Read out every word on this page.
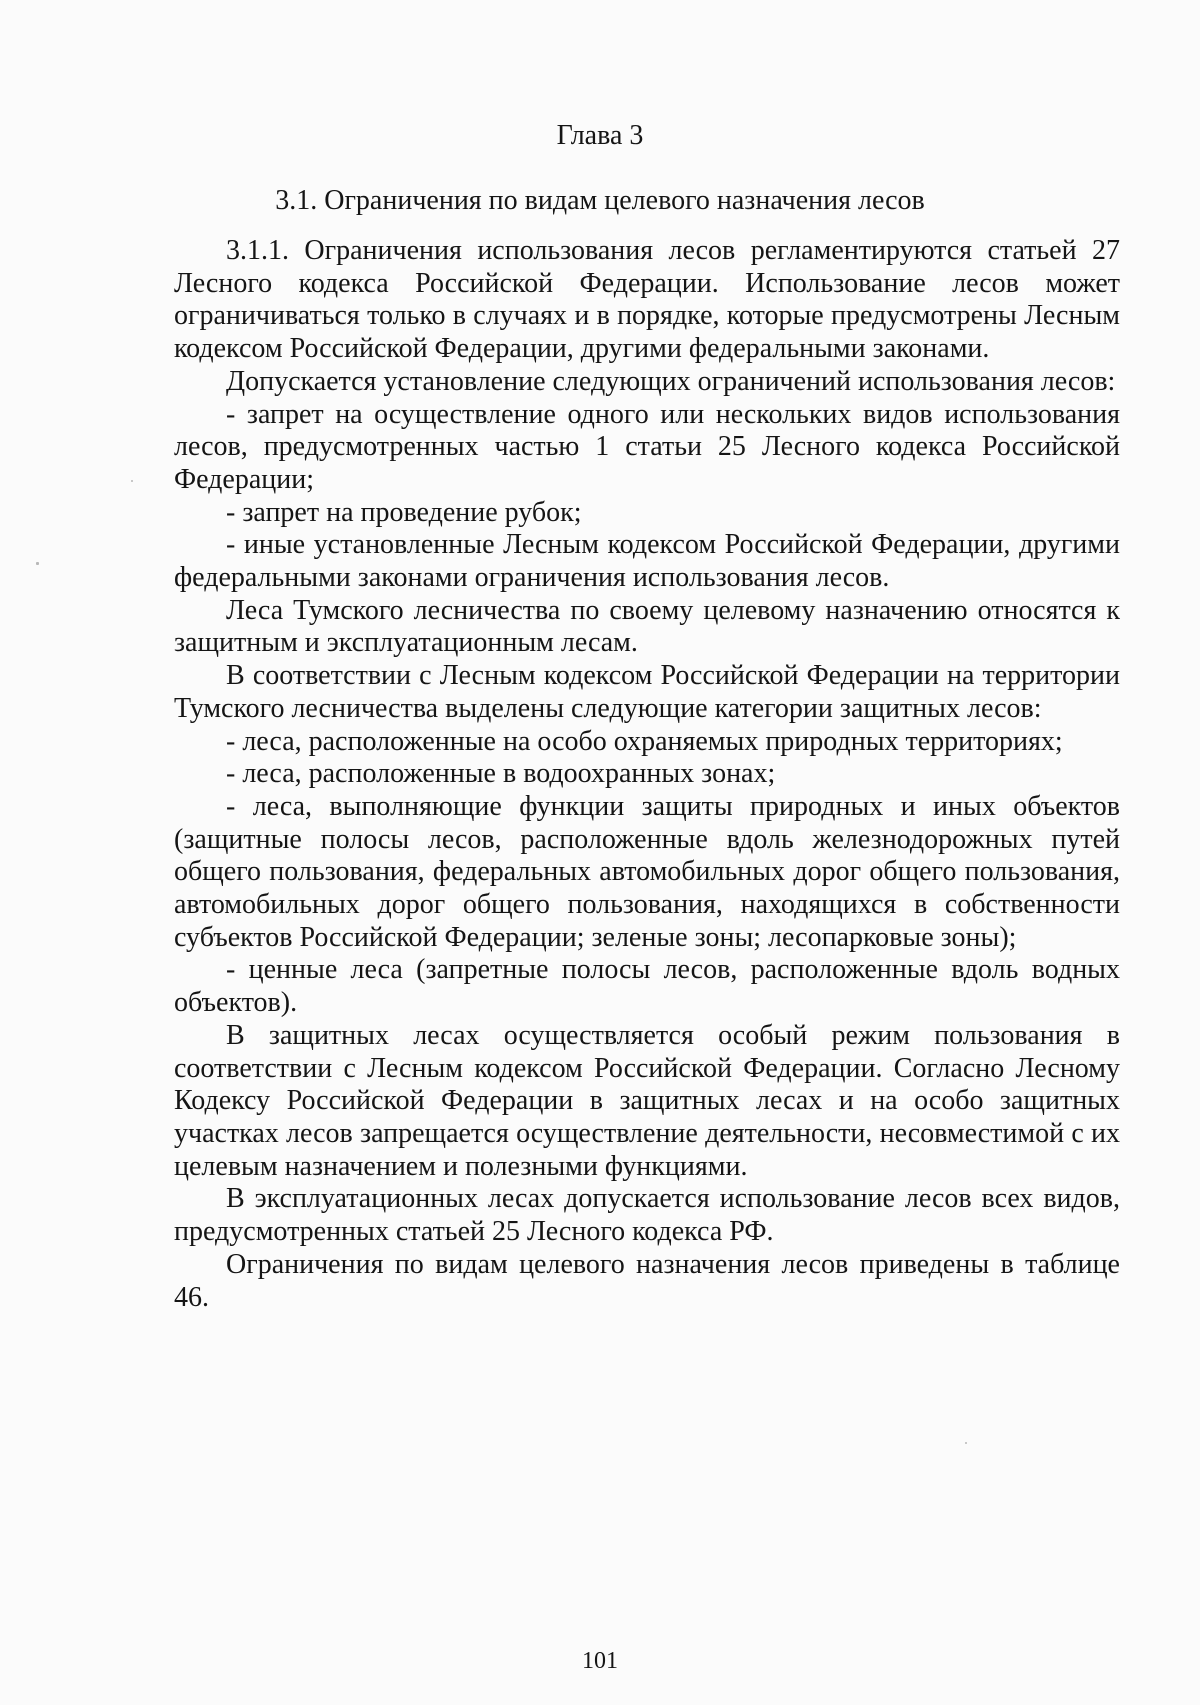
Глава 3
3.1. Ограничения по видам целевого назначения лесов

3.1.1. Ограничения использования лесов регламентируются статьей 27 Лесного кодекса Российской Федерации. Использование лесов может ограничиваться только в случаях и в порядке, которые предусмотрены Лесным кодексом Российской Федерации, другими федеральными законами.

Допускается установление следующих ограничений использования лесов:

- запрет на осуществление одного или нескольких видов использования лесов, предусмотренных частью 1 статьи 25 Лесного кодекса Российской Федерации;

- запрет на проведение рубок;

- иные установленные Лесным кодексом Российской Федерации, другими федеральными законами ограничения использования лесов.

Леса Тумского лесничества по своему целевому назначению относятся к защитным и эксплуатационным лесам.

В соответствии с Лесным кодексом Российской Федерации на территории Тумского лесничества выделены следующие категории защитных лесов:

- леса, расположенные на особо охраняемых природных территориях;

- леса, расположенные в водоохранных зонах;

- леса, выполняющие функции защиты природных и иных объектов (защитные полосы лесов, расположенные вдоль железнодорожных путей общего пользования, федеральных автомобильных дорог общего пользования, автомобильных дорог общего пользования, находящихся в собственности субъектов Российской Федерации; зеленые зоны; лесопарковые зоны);

- ценные леса (запретные полосы лесов, расположенные вдоль водных объектов).

В защитных лесах осуществляется особый режим пользования в соответствии с Лесным кодексом Российской Федерации. Согласно Лесному Кодексу Российской Федерации в защитных лесах и на особо защитных участках лесов запрещается осуществление деятельности, несовместимой с их целевым назначением и полезными функциями.

В эксплуатационных лесах допускается использование лесов всех видов, предусмотренных статьей 25 Лесного кодекса РФ.

Ограничения по видам целевого назначения лесов приведены в таблице 46.

101
